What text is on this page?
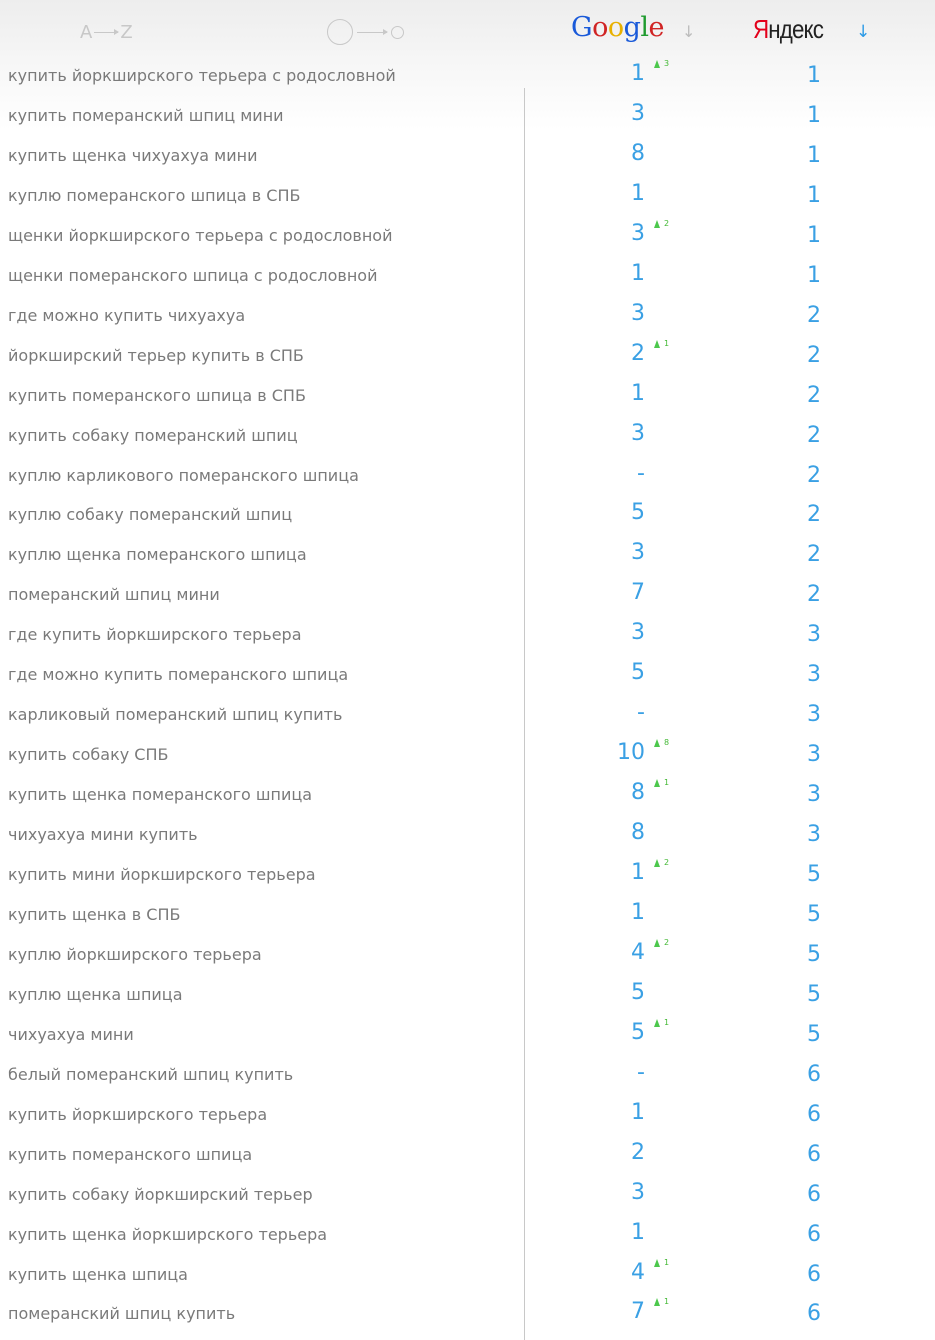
A Z	Google ↓ Яндекс ↓
купить йоркширского терьера с родословной	1 3	1
купить померанский шпиц мини	3	1
купить щенка чихуахуа мини	8	1
куплю померанского шпица в СПБ	1	1
щенки йоркширского терьера с родословной	3 2	1
щенки померанского шпица с родословной	1	1
где можно купить чихуахуа	3	2
йоркширский терьер купить в СПБ	2 1	2
купить померанского шпица в СПБ	1	2
купить собаку померанский шпиц	3	2
куплю карликового померанского шпица	-	2
куплю собаку померанский шпиц	5	2
куплю щенка померанского шпица	3	2
померанский шпиц мини	7	2
где купить йоркширского терьера	3	3
где можно купить померанского шпица	5	3
карликовый померанский шпиц купить	-	3
купить собаку СПБ	10 8	3
купить щенка померанского шпица	8 1	3
чихуахуа мини купить	8	3
купить мини йоркширского терьера	1 2	5
купить щенка в СПБ	1	5
куплю йоркширского терьера	4 2	5
куплю щенка шпица	5	5
чихуахуа мини	5 1	5
белый померанский шпиц купить	-	6
купить йоркширского терьера	1	6
купить померанского шпица	2	6
купить собаку йоркширский терьер	3	6
купить щенка йоркширского терьера	1	6
купить щенка шпица	4 1	6
померанский шпиц купить	7 1	6
